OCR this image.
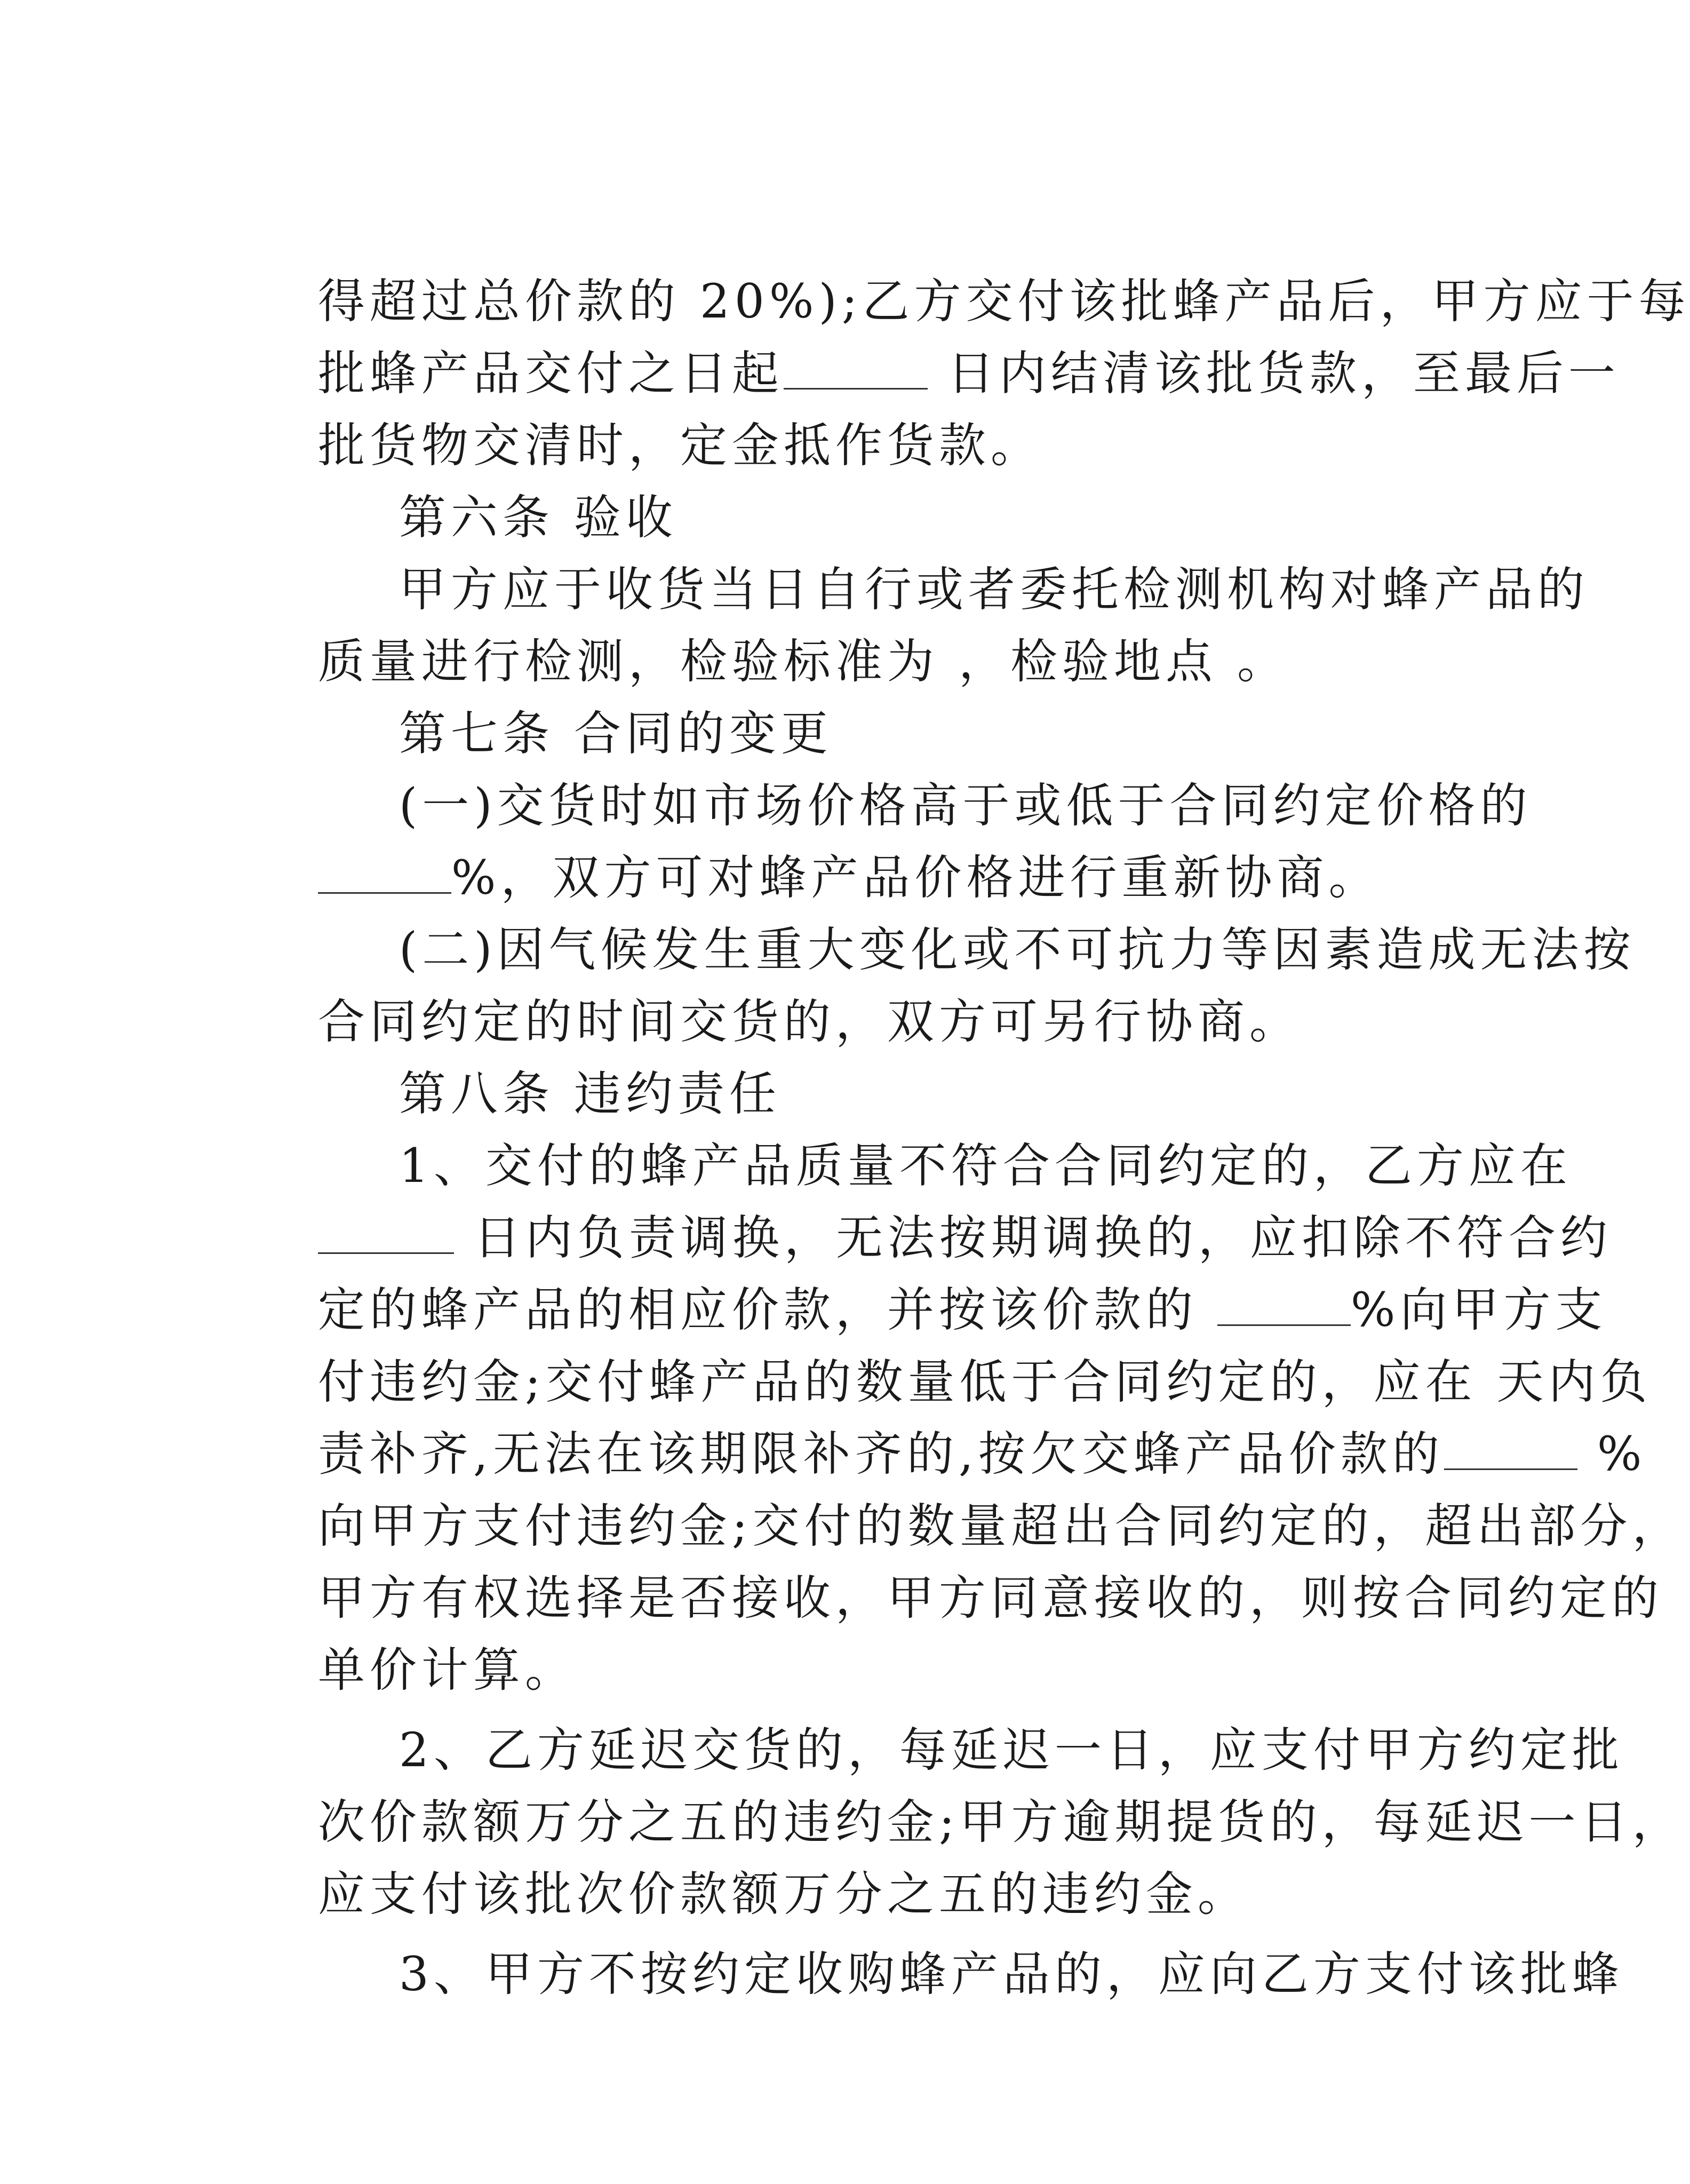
得超过总价款的 20%);乙方交付该批蜂产品后，甲方应于每

批蜂产品交付之日起	日内结清该批货款，至最后一

批货物交清时，定金抵作货款。

第六条 验收

甲方应于收货当日自行或者委托检测机构对蜂产品的

质量进行检测，检验标准为 ，检验地点 。

第七条 合同的变更

(一)交货时如市场价格高于或低于合同约定价格的

%，双方可对蜂产品价格进行重新协商。

(二)因气候发生重大变化或不可抗力等因素造成无法按

合同约定的时间交货的，双方可另行协商。

第八条 违约责任

1、交付的蜂产品质量不符合合同约定的，乙方应在

日内负责调换，无法按期调换的，应扣除不符合约

定的蜂产品的相应价款，并按该价款的	%向甲方支

付违约金;交付蜂产品的数量低于合同约定的，应在 天内负

责补齐,无法在该期限补齐的,按欠交蜂产品价款的	%

向甲方支付违约金;交付的数量超出合同约定的，超出部分，

甲方有权选择是否接收，甲方同意接收的，则按合同约定的

单价计算。

2、乙方延迟交货的，每延迟一日，应支付甲方约定批

次价款额万分之五的违约金;甲方逾期提货的，每延迟一日，

应支付该批次价款额万分之五的违约金。

3、甲方不按约定收购蜂产品的，应向乙方支付该批蜂
